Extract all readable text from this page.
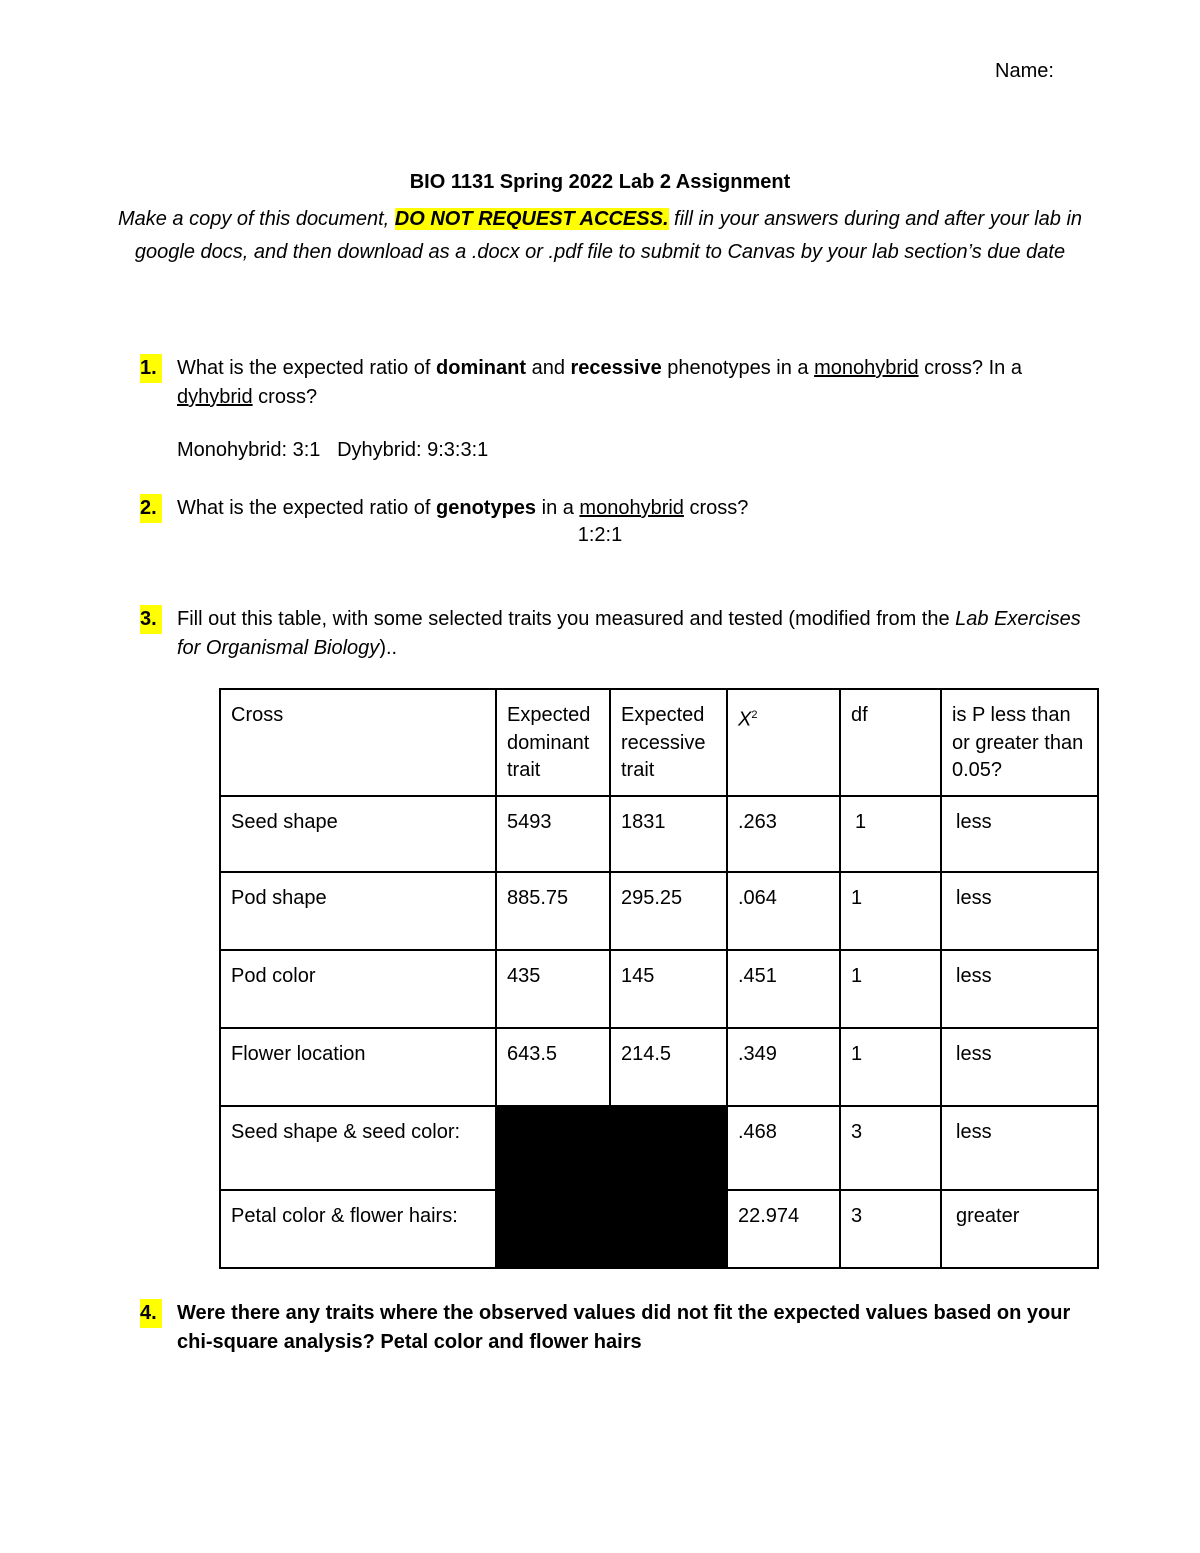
Name:
BIO 1131 Spring 2022 Lab 2 Assignment
Make a copy of this document, DO NOT REQUEST ACCESS. fill in your answers during and after your lab in google docs, and then download as a .docx or .pdf file to submit to Canvas by your lab section’s due date
1. What is the expected ratio of dominant and recessive phenotypes in a monohybrid cross? In a dyhybrid cross?
Monohybrid: 3:1   Dyhybrid: 9:3:3:1
2. What is the expected ratio of genotypes in a monohybrid cross?
1:2:1
3. Fill out this table, with some selected traits you measured and tested (modified from the Lab Exercises for Organismal Biology)..
Cross	Expected dominant trait	Expected recessive trait	$X^2$	df	is P less than or greater than 0.05?
Seed shape	5493	1831	.263	1	less
Pod shape	885.75	295.25	.064	1	less
Pod color	435	145	.451	1	less
Flower location	643.5	214.5	.349	1	less
Seed shape & seed color:			.468	3	less
Petal color & flower hairs:			22.974	3	greater
4. Were there any traits where the observed values did not fit the expected values based on your chi-square analysis? Petal color and flower hairs
